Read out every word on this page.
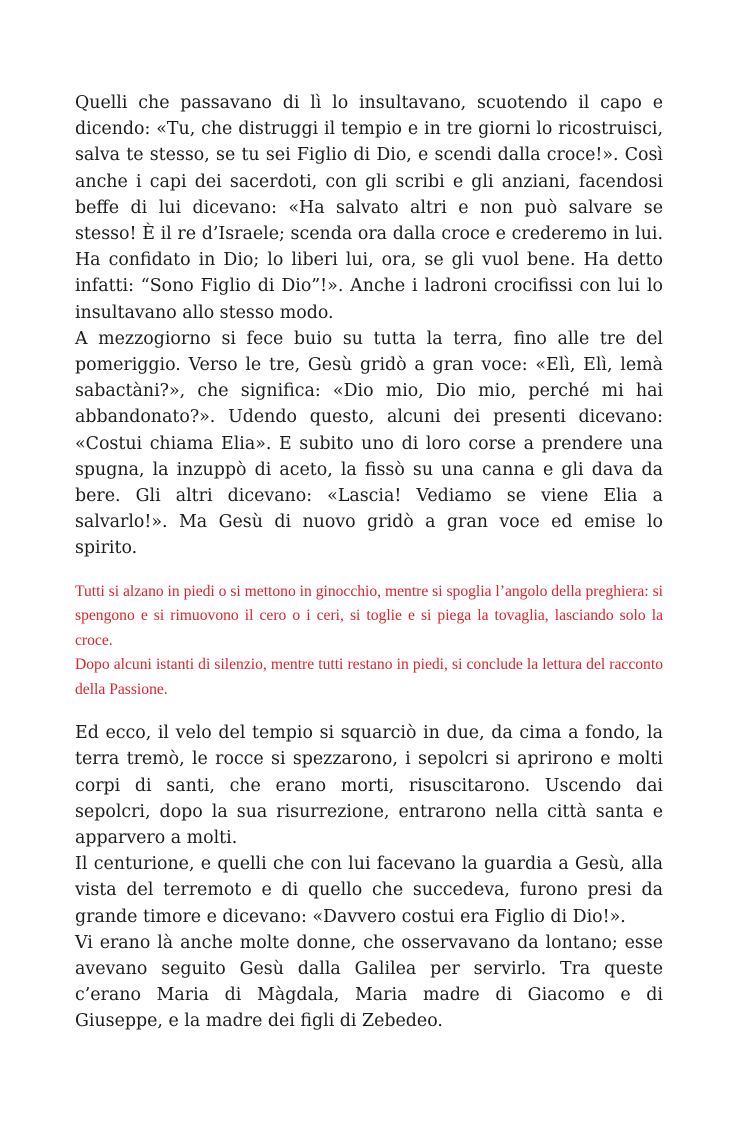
Quelli che passavano di lì lo insultavano, scuotendo il capo e dicendo: «Tu, che distruggi il tempio e in tre giorni lo ricostruisci, salva te stesso, se tu sei Figlio di Dio, e scendi dalla croce!». Così anche i capi dei sacerdoti, con gli scribi e gli anziani, facendosi beffe di lui dicevano: «Ha salvato altri e non può salvare se stesso! È il re d’Israele; scenda ora dalla croce e crederemo in lui. Ha confidato in Dio; lo liberi lui, ora, se gli vuol bene. Ha detto infatti: “Sono Figlio di Dio”!». Anche i ladroni crocifissi con lui lo insultavano allo stesso modo.

A mezzogiorno si fece buio su tutta la terra, fino alle tre del pomeriggio. Verso le tre, Gesù gridò a gran voce: «Elì, Elì, lemà sabactàni?», che significa: «Dio mio, Dio mio, perché mi hai abbandonato?». Udendo questo, alcuni dei presenti dicevano: «Costui chiama Elia». E subito uno di loro corse a prendere una spugna, la inzuppò di aceto, la fissò su una canna e gli dava da bere. Gli altri dicevano: «Lascia! Vediamo se viene Elia a salvarlo!». Ma Gesù di nuovo gridò a gran voce ed emise lo spirito.

Tutti si alzano in piedi o si mettono in ginocchio, mentre si spoglia l’angolo della preghiera: si spengono e si rimuovono il cero o i ceri, si toglie e si piega la tovaglia, lasciando solo la croce.

Dopo alcuni istanti di silenzio, mentre tutti restano in piedi, si conclude la lettura del racconto della Passione.

Ed ecco, il velo del tempio si squarciò in due, da cima a fondo, la terra tremò, le rocce si spezzarono, i sepolcri si aprirono e molti corpi di santi, che erano morti, risuscitarono. Uscendo dai sepolcri, dopo la sua risurrezione, entrarono nella città santa e apparvero a molti.

Il centurione, e quelli che con lui facevano la guardia a Gesù, alla vista del terremoto e di quello che succedeva, furono presi da grande timore e dicevano: «Davvero costui era Figlio di Dio!».

Vi erano là anche molte donne, che osservavano da lontano; esse avevano seguito Gesù dalla Galilea per servirlo. Tra queste c’erano Maria di Màgdala, Maria madre di Giacomo e di Giuseppe, e la madre dei figli di Zebedeo.
